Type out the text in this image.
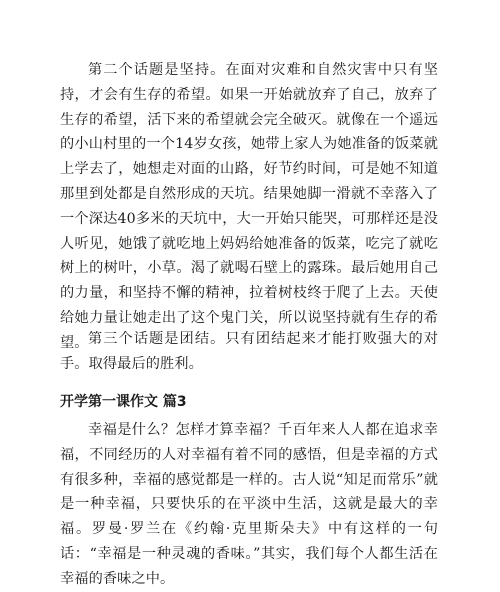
第二个话题是坚持。在面对灾难和自然灾害中只有坚持，才会有生存的希望。如果一开始就放弃了自己，放弃了生存的希望，活下来的希望就会完全破灭。就像在一个遥远的小山村里的一个14岁女孩，她带上家人为她准备的饭菜就上学去了，她想走对面的山路，好节约时间，可是她不知道那里到处都是自然形成的天坑。结果她脚一滑就不幸落入了一个深达40多米的天坑中，大一开始只能哭，可那样还是没人听见，她饿了就吃地上妈妈给她准备的饭菜，吃完了就吃树上的树叶，小草。渴了就喝石壁上的露珠。最后她用自己的力量，和坚持不懈的精神，拉着树枝终于爬了上去。天使给她力量让她走出了这个鬼门关，所以说坚持就有生存的希望。 第三个话题是团结。只有团结起来才能打败强大的对手。取得最后的胜利。

开学第一课作文 篇3

幸福是什么？怎样才算幸福？千百年来人人都在追求幸福，不同经历的人对幸福有着不同的感悟，但是幸福的方式有很多种，幸福的感觉都是一样的。古人说“知足而常乐”就是一种幸福，只要快乐的在平淡中生活，这就是最大的幸福。罗曼·罗兰在《约翰·克里斯朵夫》中有这样的一句话：“幸福是一种灵魂的香味。”其实，我们每个人都生活在幸福的香味之中。
